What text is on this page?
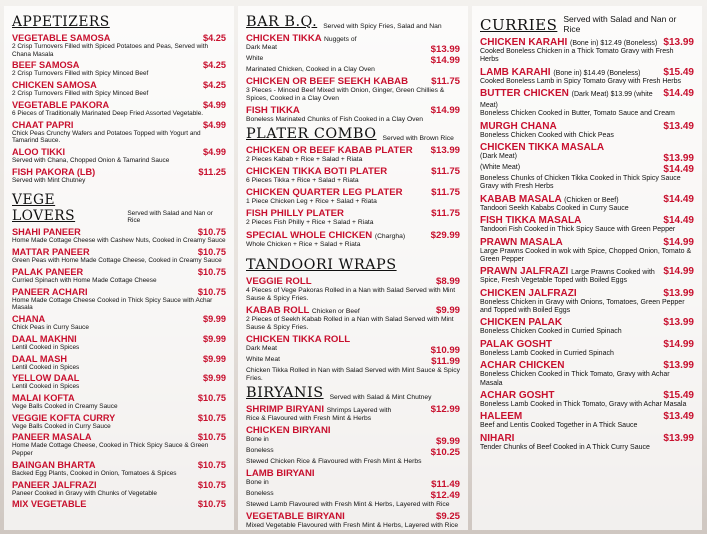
APPETIZERS
VEGETABLE SAMOSA	$4.25
2 Crisp Turnovers Filled with Spiced Potatoes and Peas, Served with Chana Masala
BEEF SAMOSA	$4.25
2 Crisp Turnovers Filled with Spicy Minced Beef
CHICKEN SAMOSA	$4.25
2 Crisp Turnovers Filled with Spicy Minced Beef
VEGETABLE PAKORA	$4.99
6 Pieces of Traditionally Marinated Deep Fried Assorted Vegetable.
CHAAT PAPRI	$4.99
Chick Peas Crunchy Wafers and Potatoes Topped with Yogurt and Tamarind Sauce.
ALOO TIKKI	$4.99
Served with Chana, Chopped Onion & Tamarind Sauce
FISH PAKORA (LB)	$11.25
Served with Mint Chutney
VEGE LOVERS	Served with Salad and Nan or Rice
SHAHI PANEER	$10.75
Home Made Cottage Cheese with Cashew Nuts, Cooked in Creamy Sauce
MATTAR PANEER	$10.75
Green Peas with Home Made Cottage Cheese, Cooked in Creamy Sauce
PALAK PANEER	$10.75
Curried Spinach with Home Made Cottage Cheese
PANEER ACHARI	$10.75
Home Made Cottage Cheese Cooked in Thick Spicy Sauce with Achar Masala
CHANA	$9.99
Chick Peas in Curry Sauce
DAAL MAKHNI	$9.99
Lentil Cooked in Spices
DAAL MASH	$9.99
Lentil Cooked in Spices
YELLOW DAAL	$9.99
Lentil Cooked in Spices
MALAI KOFTA	$10.75
Vege Balls Cooked in Creamy Sauce
VEGGIE KOFTA CURRY	$10.75
Vege Balls Cooked in Curry Sauce
PANEER MASALA	$10.75
Home Made Cottage Cheese, Cooked in Thick Spicy Sauce & Green Pepper
BAINGAN BHARTA	$10.75
Backed Egg Plants, Cooked in Onion, Tomatoes & Spices
PANEER JALFRAZI	$10.75
Paneer Cooked in Gravy with Chunks of Vegetable
MIX VEGETABLE	$10.75
BAR B.Q. Served with Spicy Fries, Salad and Nan
CHICKEN TIKKA Nuggets of
Dark Meat	$13.99
White	$14.99
Marinated Chicken, Cooked in a Clay Oven
CHICKEN OR BEEF SEEKH KABAB $11.75
3 Pieces - Minced Beef Mixed with Onion, Ginger, Green Chillies & Spices, Cooked in a Clay Oven
FISH TIKKA	$14.99
Boneless Marinated Chunks of Fish Cooked in a Clay Oven
PLATER COMBO Served with Brown Rice
CHICKEN OR BEEF KABAB PLATER $13.99
2 Pieces Kabab + Rice + Salad + Riata
CHICKEN TIKKA BOTI PLATER	$11.75
6 Pieces Tikka + Rice + Salad + Riata
CHICKEN QUARTER LEG PLATER	$11.75
1 Piece Chicken Leg + Rice + Salad + Riata
FISH PHILLY PLATER	$11.75
2 Pieces Fish Philly + Rice + Salad + Riata
SPECIAL WHOLE CHICKEN (Chargha)	$29.99
Whole Chicken + Rice + Salad + Riata
TANDOORI WRAPS
VEGGIE ROLL	$8.99
4 Pieces of Vege Pakoras Rolled in a Nan with Salad Served with Mint Sause & Spicy Fries.
KABAB ROLL Chicken or Beef	$9.99
2 Pieces of Seekh Kabab Rolled in a Nan with Salad Served with Mint Sause & Spicy Fries.
CHICKEN TIKKA ROLL
Dark Meat	$10.99
White Meat	$11.99
Chicken Tikka Rolled in Nan with Salad Served with Mint Sauce & Spicy Fries.
BIRYANIS Served with Salad & Mint Chutney
SHRIMP BIRYANI Shrimps Layered with	$12.99
Rice & Flavoured with Fresh Mint & Herbs
CHICKEN BIRYANI
Bone in	$9.99
Boneless	$10.25
Stewed Chicken Rice & Flavoured with Fresh Mint & Herbs
LAMB BIRYANI
Bone in	$11.49
Boneless	$12.49
Stewed Lamb Flavoured with Fresh Mint & Herbs, Layered with Rice
VEGETABLE BIRYANI	$9.25
Mixed Vegetable Flavoured with Fresh Mint & Herbs, Layered with Rice
CURRIES Served with Salad and Nan or Rice
CHICKEN KARAHI (Bone in) $12.49 (Boneless) $13.99
Cooked Boneless Chicken in a Thick Tomato Gravy with Fresh Herbs
LAMB KARAHI (Bone in) $14.49 (Boneless) $15.49
Cooked Boneless Lamb in Spicy Tomato Gravy with Fresh Herbs
BUTTER CHICKEN (Dark Meat) $13.99 (white Meat)
$14.49
Boneless Chicken Cooked in Butter, Tomato Sauce and Cream
MURGH CHANA	$13.49
Boneless Chicken Cooked with Chick Peas
CHICKEN TIKKA MASALA
(Dark Meat)	$13.99
(White Meat)	$14.49
Boneless Chunks of Chicken Tikka Cooked in Thick Spicy Sauce Gravy with Fresh Herbs
KABAB MASALA (Chicken or Beef)	$14.49
Tandoori Seekh Kababs Cooked in Curry Sauce
FISH TIKKA MASALA	$14.49
Tandoori Fish Cooked in Thick Spicy Sauce with Green Pepper
PRAWN MASALA	$14.99
Large Prawns Cooked in wok with Spice, Chopped Onion, Tomato & Green Pepper
PRAWN JALFRAZI Large Prawns Cooked with $14.99
Spice, Fresh Vegetable Toped with Boiled Eggs
CHICKEN JALFRAZI	$13.99
Boneless Chicken in Gravy with Onions, Tomatoes, Green Pepper and Topped with Boiled Eggs
CHICKEN PALAK	$13.99
Boneless Chicken Cooked in Curried Spinach
PALAK GOSHT	$14.99
Boneless Lamb Cooked in Curried Spinach
ACHAR CHICKEN	$13.99
Boneless Chicken Cooked in Thick Tomato, Gravy with Achar Masala
ACHAR GOSHT	$15.49
Boneless Lamb Cooked in Thick Tomato, Gravy with Achar Masala
HALEEM	$13.49
Beef and Lentis Cooked Together in A Thick Sauce
NIHARI	$13.99
Tender Chunks of Beef Cooked in A Thick Curry Sauce
